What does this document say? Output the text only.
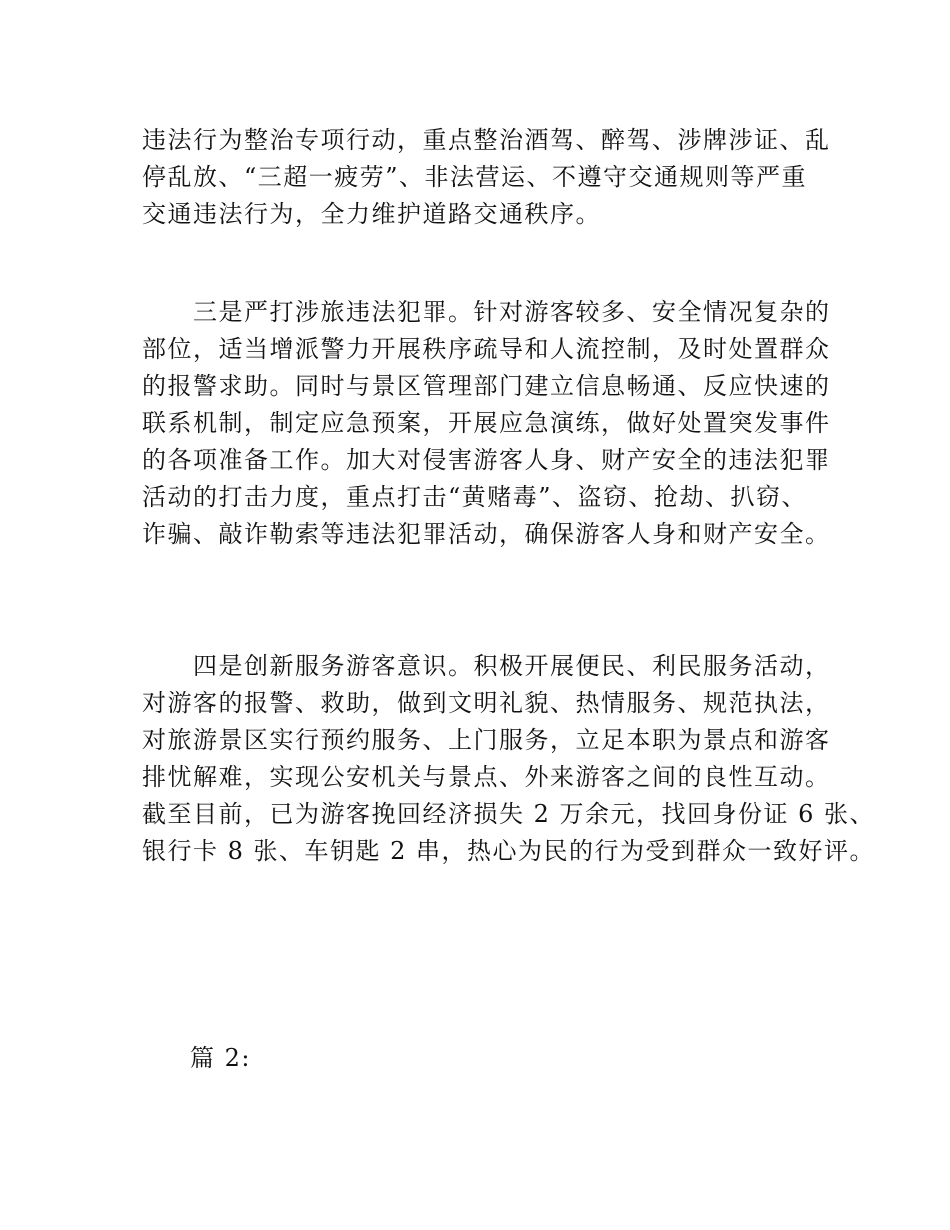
违法行为整治专项行动，重点整治酒驾、醉驾、涉牌涉证、乱
停乱放、“三超一疲劳”、非法营运、不遵守交通规则等严重
交通违法行为，全力维护道路交通秩序。

　　三是严打涉旅违法犯罪。针对游客较多、安全情况复杂的
部位，适当增派警力开展秩序疏导和人流控制，及时处置群众
的报警求助。同时与景区管理部门建立信息畅通、反应快速的
联系机制，制定应急预案，开展应急演练，做好处置突发事件
的各项准备工作。加大对侵害游客人身、财产安全的违法犯罪
活动的打击力度，重点打击“黄赌毒”、盗窃、抢劫、扒窃、
诈骗、敲诈勒索等违法犯罪活动，确保游客人身和财产安全。

　　四是创新服务游客意识。积极开展便民、利民服务活动，
对游客的报警、救助，做到文明礼貌、热情服务、规范执法，
对旅游景区实行预约服务、上门服务，立足本职为景点和游客
排忧解难，实现公安机关与景点、外来游客之间的良性互动。
截至目前，已为游客挽回经济损失 2 万余元，找回身份证 6 张、
银行卡 8 张、车钥匙 2 串，热心为民的行为受到群众一致好评。

篇 2:
